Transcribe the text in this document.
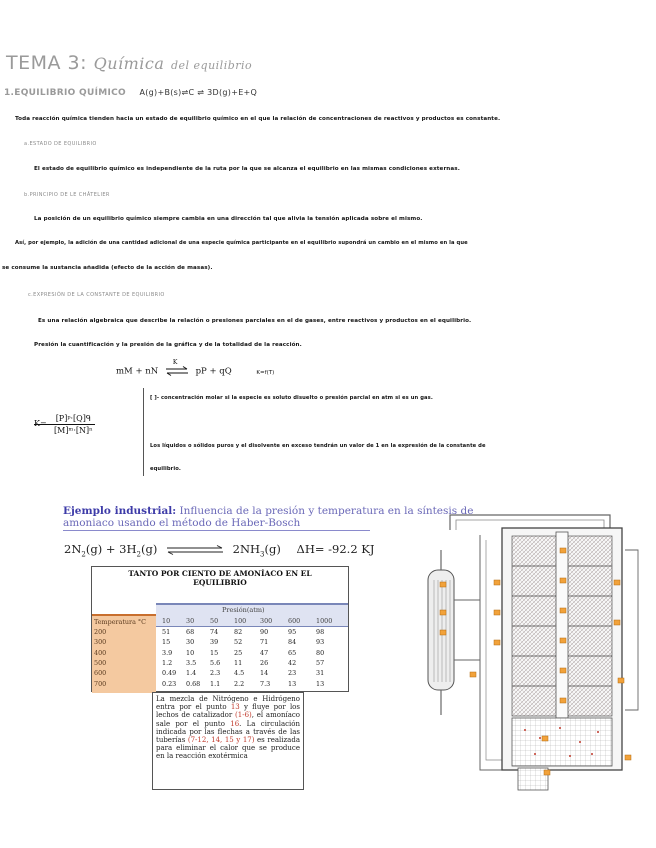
TEMA 3: Química del equilibrio
1.EQUILIBRIO QUÍMICO A(g)+B(s)⇌C ⇌ 3D(g)+E+Q
Toda reacción química tienden hacia un estado de equilibrio químico en el que la relación de concentraciones de reactivos y productos es constante.
a.ESTADO DE EQUILIBRIO
El estado de equilibrio químico es independiente de la ruta por la que se alcanza el equilibrio en las mismas condiciones externas.
b.PRINCIPIO DE LE CHÂTELIER
La posición de un equilibrio químico siempre cambia en una dirección tal que alivia la tensión aplicada sobre el mismo.
Así, por ejemplo, la adición de una cantidad adicional de una especie química participante en el equilibrio supondrá un cambio en el mismo en la que
se consume la sustancia añadida (efecto de la acción de masas).
c.EXPRESIÓN DE LA CONSTANTE DE EQUILIBRIO
Es una relación algebraica que describe la relación o presiones parciales en el de gases, entre reactivos y productos en el equilibrio.
Presión la cuantificación y la presión de la gráfica y de la totalidad de la reacción.
mM + nN
K
pP + qQ	K=f(T)
K=
[P]ᵖ·[Q]ᑫ
[M]ᵐ·[N]ⁿ
[ ]- concentración molar si la especie es soluto disuelto o presión parcial en atm si es un gas.
Los líquidos o sólidos puros y el disolvente en exceso tendrán un valor de 1 en la expresión de la constante de
equilibrio.
Ejemplo industrial: Influencia de la presión y temperatura en la síntesis de amoniaco usando el método de Haber-Bosch
$2N_2(g) + 3H_2(g)$	$2NH_3(g)$ ΔH= -92.2 KJ
TANTO POR CIENTO DE AMONÍACO EN EL
EQUILIBRIO
Presión(atm)
Temperatura °C 10 30 50 100 300 600 1000
200	51 68 74 82	90	95	98
300	15 30 39 52	71	84	93
400	3.9 10 15 25	47	65	80
500	1.2 3.5 5.6 11	26	42	57
600	0.49 1.4 2.3 4.5 14	23	31
700	0.23 0.68 1.1 2.2 7.3	13	13

La mezcla de Nitrógeno e Hidrógeno entra por el punto 13 y fluye por los lechos de catalizador (1-6), el amoníaco sale por el punto 16. La circulación indicada por las flechas a través de las tuberías (7-12, 14, 15 y 17) es realizada para eliminar el calor que se produce en la reacción exotérmica
